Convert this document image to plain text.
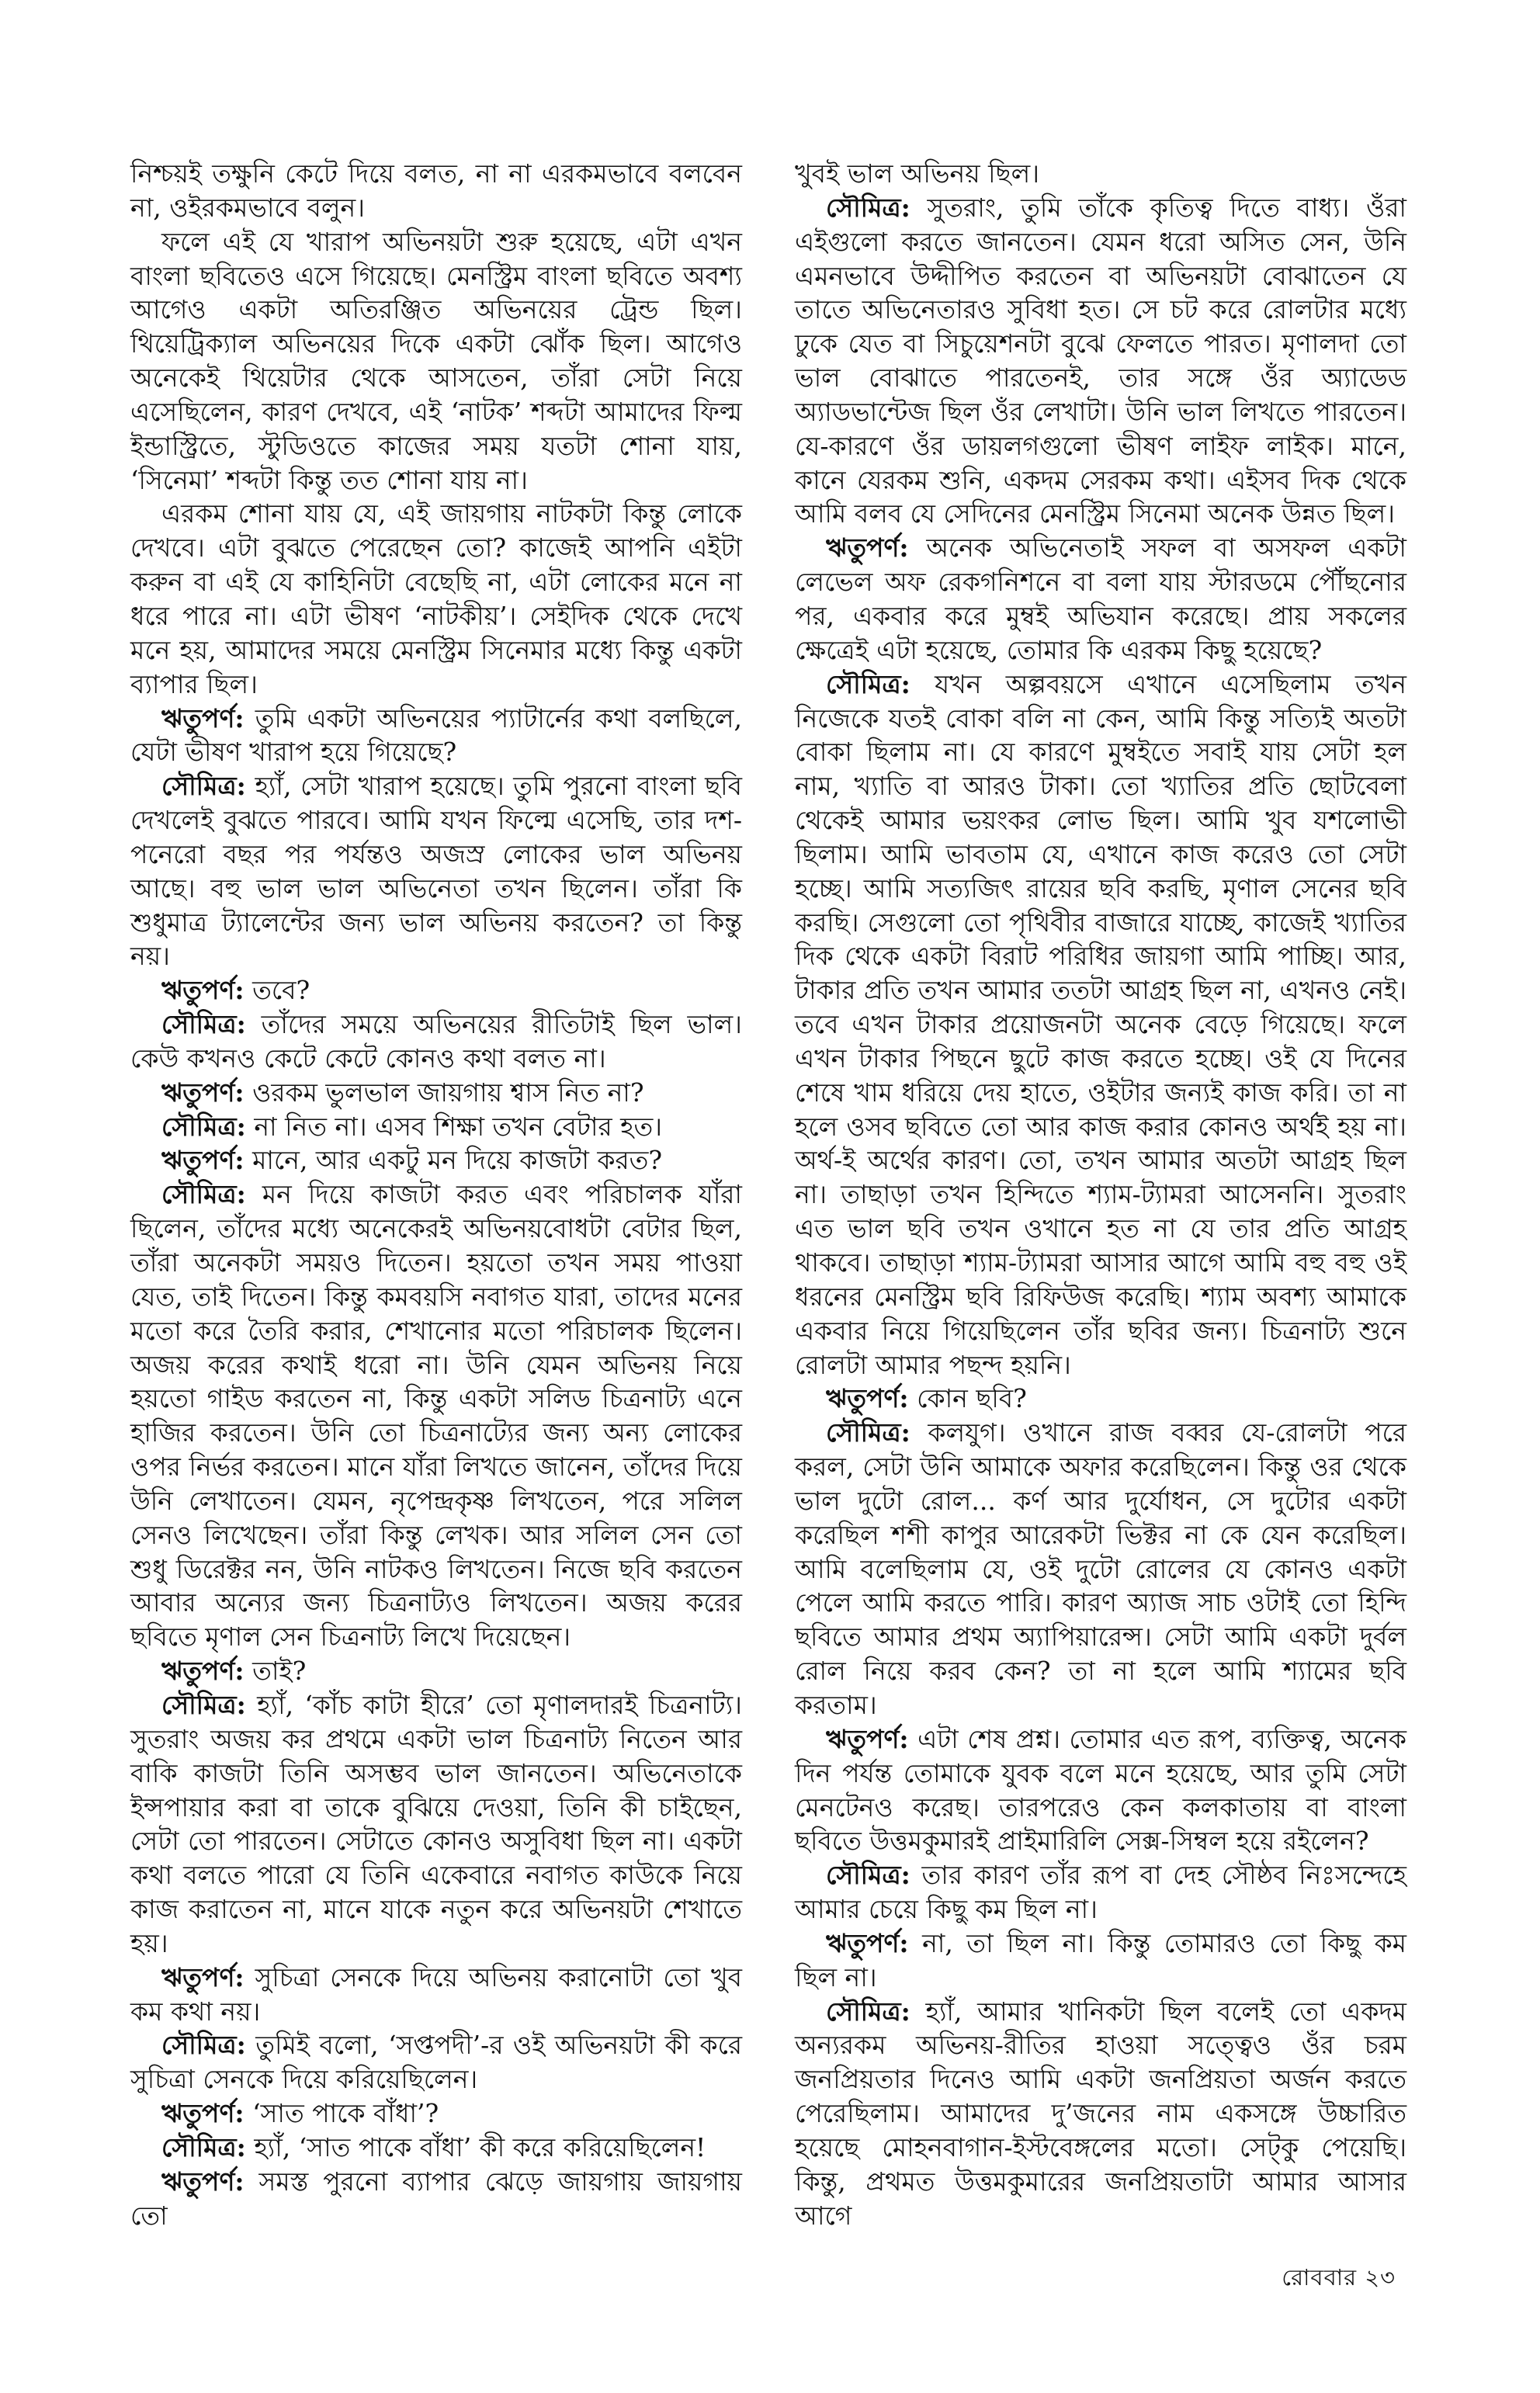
নিশ্চয়ই তক্ষুনি কেটে দিয়ে বলত, না না এরকমভাবে বলবেন না, ওইরকমভাবে বলুন।

ফলে এই যে খারাপ অভিনয়টা শুরু হয়েছে, এটা এখন বাংলা ছবিতেও এসে গিয়েছে। মেনস্ট্রিম বাংলা ছবিতে অবশ্য আগেও একটা অতিরঞ্জিত অভিনয়ের ট্রেন্ড ছিল। থিয়েট্রিক্যাল অভিনয়ের দিকে একটা ঝোঁক ছিল। আগেও অনেকেই থিয়েটার থেকে আসতেন, তাঁরা সেটা নিয়ে এসেছিলেন, কারণ দেখবে, এই ‘নাটক’ শব্দটা আমাদের ফিল্ম ইন্ডাস্ট্রিতে, স্টুডিওতে কাজের সময় যতটা শোনা যায়, ‘সিনেমা’ শব্দটা কিন্তু তত শোনা যায় না।

এরকম শোনা যায় যে, এই জায়গায় নাটকটা কিন্তু লোকে দেখবে। এটা বুঝতে পেরেছেন তো? কাজেই আপনি এইটা করুন বা এই যে কাহিনিটা বেছেছি না, এটা লোকের মনে না ধরে পারে না। এটা ভীষণ ‘নাটকীয়’। সেইদিক থেকে দেখে মনে হয়, আমাদের সময়ে মেনস্ট্রিম সিনেমার মধ্যে কিন্তু একটা ব্যাপার ছিল।

ঋতুপর্ণ: তুমি একটা অভিনয়ের প্যাটার্নের কথা বলছিলে, যেটা ভীষণ খারাপ হয়ে গিয়েছে?

সৌমিত্র: হ্যাঁ, সেটা খারাপ হয়েছে। তুমি পুরনো বাংলা ছবি দেখলেই বুঝতে পারবে। আমি যখন ফিল্মে এসেছি, তার দশ-পনেরো বছর পর পর্যন্তও অজস্র লোকের ভাল অভিনয় আছে। বহু ভাল ভাল অভিনেতা তখন ছিলেন। তাঁরা কি শুধুমাত্র ট্যালেন্টের জন্য ভাল অভিনয় করতেন? তা কিন্তু নয়।

ঋতুপর্ণ: তবে?

সৌমিত্র: তাঁদের সময়ে অভিনয়ের রীতিটাই ছিল ভাল। কেউ কখনও কেটে কেটে কোনও কথা বলত না।

ঋতুপর্ণ: ওরকম ভুলভাল জায়গায় শ্বাস নিত না?

সৌমিত্র: না নিত না। এসব শিক্ষা তখন বেটার হত।

ঋতুপর্ণ: মানে, আর একটু মন দিয়ে কাজটা করত?

সৌমিত্র: মন দিয়ে কাজটা করত এবং পরিচালক যাঁরা ছিলেন, তাঁদের মধ্যে অনেকেরই অভিনয়বোধটা বেটার ছিল, তাঁরা অনেকটা সময়ও দিতেন। হয়তো তখন সময় পাওয়া যেত, তাই দিতেন। কিন্তু কমবয়সি নবাগত যারা, তাদের মনের মতো করে তৈরি করার, শেখানোর মতো পরিচালক ছিলেন। অজয় করের কথাই ধরো না। উনি যেমন অভিনয় নিয়ে হয়তো গাইড করতেন না, কিন্তু একটা সলিড চিত্রনাট্য এনে হাজির করতেন। উনি তো চিত্রনাট্যের জন্য অন্য লোকের ওপর নির্ভর করতেন। মানে যাঁরা লিখতে জানেন, তাঁদের দিয়ে উনি লেখাতেন। যেমন, নৃপেন্দ্রকৃষ্ণ লিখতেন, পরে সলিল সেনও লিখেছেন। তাঁরা কিন্তু লেখক। আর সলিল সেন তো শুধু ডিরেক্টর নন, উনি নাটকও লিখতেন। নিজে ছবি করতেন আবার অন্যের জন্য চিত্রনাট্যও লিখতেন। অজয় করের ছবিতে মৃণাল সেন চিত্রনাট্য লিখে দিয়েছেন।

ঋতুপর্ণ: তাই?

সৌমিত্র: হ্যাঁ, ‘কাঁচ কাটা হীরে’ তো মৃণালদারই চিত্রনাট্য। সুতরাং অজয় কর প্রথমে একটা ভাল চিত্রনাট্য নিতেন আর বাকি কাজটা তিনি অসম্ভব ভাল জানতেন। অভিনেতাকে ইন্সপায়ার করা বা তাকে বুঝিয়ে দেওয়া, তিনি কী চাইছেন, সেটা তো পারতেন। সেটাতে কোনও অসুবিধা ছিল না। একটা কথা বলতে পারো যে তিনি একেবারে নবাগত কাউকে নিয়ে কাজ করাতেন না, মানে যাকে নতুন করে অভিনয়টা শেখাতে হয়।

ঋতুপর্ণ: সুচিত্রা সেনকে দিয়ে অভিনয় করানোটা তো খুব কম কথা নয়।

সৌমিত্র: তুমিই বলো, ‘সপ্তপদী’-র ওই অভিনয়টা কী করে সুচিত্রা সেনকে দিয়ে করিয়েছিলেন।

ঋতুপর্ণ: ‘সাত পাকে বাঁধা’?

সৌমিত্র: হ্যাঁ, ‘সাত পাকে বাঁধা’ কী করে করিয়েছিলেন!

ঋতুপর্ণ: সমস্ত পুরনো ব্যাপার ঝেড়ে জায়গায় জায়গায় তো

খুবই ভাল অভিনয় ছিল।

সৌমিত্র: সুতরাং, তুমি তাঁকে কৃতিত্ব দিতে বাধ্য। ওঁরা এইগুলো করতে জানতেন। যেমন ধরো অসিত সেন, উনি এমনভাবে উদ্দীপিত করতেন বা অভিনয়টা বোঝাতেন যে তাতে অভিনেতারও সুবিধা হত। সে চট করে রোলটার মধ্যে ঢুকে যেত বা সিচুয়েশনটা বুঝে ফেলতে পারত। মৃণালদা তো ভাল বোঝাতে পারতেনই, তার সঙ্গে ওঁর অ্যাডেড অ্যাডভান্টেজ ছিল ওঁর লেখাটা। উনি ভাল লিখতে পারতেন। যে-কারণে ওঁর ডায়লগগুলো ভীষণ লাইফ লাইক। মানে, কানে যেরকম শুনি, একদম সেরকম কথা। এইসব দিক থেকে আমি বলব যে সেদিনের মেনস্ট্রিম সিনেমা অনেক উন্নত ছিল।

ঋতুপর্ণ: অনেক অভিনেতাই সফল বা অসফল একটা লেভেল অফ রেকগনিশনে বা বলা যায় স্টারডমে পৌঁছনোর পর, একবার করে মুম্বই অভিযান করেছে। প্রায় সকলের ক্ষেত্রেই এটা হয়েছে, তোমার কি এরকম কিছু হয়েছে?

সৌমিত্র: যখন অল্পবয়সে এখানে এসেছিলাম তখন নিজেকে যতই বোকা বলি না কেন, আমি কিন্তু সত্যিই অতটা বোকা ছিলাম না। যে কারণে মুম্বইতে সবাই যায় সেটা হল নাম, খ্যাতি বা আরও টাকা। তো খ্যাতির প্রতি ছোটবেলা থেকেই আমার ভয়ংকর লোভ ছিল। আমি খুব যশলোভী ছিলাম। আমি ভাবতাম যে, এখানে কাজ করেও তো সেটা হচ্ছে। আমি সত্যজিৎ রায়ের ছবি করছি, মৃণাল সেনের ছবি করছি। সেগুলো তো পৃথিবীর বাজারে যাচ্ছে, কাজেই খ্যাতির দিক থেকে একটা বিরাট পরিধির জায়গা আমি পাচ্ছি। আর, টাকার প্রতি তখন আমার ততটা আগ্রহ ছিল না, এখনও নেই। তবে এখন টাকার প্রয়োজনটা অনেক বেড়ে গিয়েছে। ফলে এখন টাকার পিছনে ছুটে কাজ করতে হচ্ছে। ওই যে দিনের শেষে খাম ধরিয়ে দেয় হাতে, ওইটার জন্যই কাজ করি। তা না হলে ওসব ছবিতে তো আর কাজ করার কোনও অর্থই হয় না। অর্থ-ই অর্থের কারণ। তো, তখন আমার অতটা আগ্রহ ছিল না। তাছাড়া তখন হিন্দিতে শ্যাম-ট্যামরা আসেননি। সুতরাং এত ভাল ছবি তখন ওখানে হত না যে তার প্রতি আগ্রহ থাকবে। তাছাড়া শ্যাম-ট্যামরা আসার আগে আমি বহু বহু ওই ধরনের মেনস্ট্রিম ছবি রিফিউজ করেছি। শ্যাম অবশ্য আমাকে একবার নিয়ে গিয়েছিলেন তাঁর ছবির জন্য। চিত্রনাট্য শুনে রোলটা আমার পছন্দ হয়নি।

ঋতুপর্ণ: কোন ছবি?

সৌমিত্র: কলযুগ। ওখানে রাজ বব্বর যে-রোলটা পরে করল, সেটা উনি আমাকে অফার করেছিলেন। কিন্তু ওর থেকে ভাল দুটো রোল... কর্ণ আর দুর্যোধন, সে দুটোর একটা করেছিল শশী কাপুর আরেকটা ভিক্টর না কে যেন করেছিল। আমি বলেছিলাম যে, ওই দুটো রোলের যে কোনও একটা পেলে আমি করতে পারি। কারণ অ্যাজ সাচ ওটাই তো হিন্দি ছবিতে আমার প্রথম অ্যাপিয়ারেন্স। সেটা আমি একটা দুর্বল রোল নিয়ে করব কেন? তা না হলে আমি শ্যামের ছবি করতাম।

ঋতুপর্ণ: এটা শেষ প্রশ্ন। তোমার এত রূপ, ব্যক্তিত্ব, অনেক দিন পর্যন্ত তোমাকে যুবক বলে মনে হয়েছে, আর তুমি সেটা মেনটেনও করেছ। তারপরেও কেন কলকাতায় বা বাংলা ছবিতে উত্তমকুমারই প্রাইমারিলি সেক্স-সিম্বল হয়ে রইলেন?

সৌমিত্র: তার কারণ তাঁর রূপ বা দেহ সৌষ্ঠব নিঃসন্দেহে আমার চেয়ে কিছু কম ছিল না।

ঋতুপর্ণ: না, তা ছিল না। কিন্তু তোমারও তো কিছু কম ছিল না।

সৌমিত্র: হ্যাঁ, আমার খানিকটা ছিল বলেই তো একদম অন্যরকম অভিনয়-রীতির হাওয়া সত্ত্বেও ওঁর চরম জনপ্রিয়তার দিনেও আমি একটা জনপ্রিয়তা অর্জন করতে পেরেছিলাম। আমাদের দু’জনের নাম একসঙ্গে উচ্চারিত হয়েছে মোহনবাগান-ইস্টবেঙ্গলের মতো। সেট্‌কু পেয়েছি। কিন্তু, প্রথমত উত্তমকুমারের জনপ্রিয়তাটা আমার আসার আগে

রোববার ২৩
